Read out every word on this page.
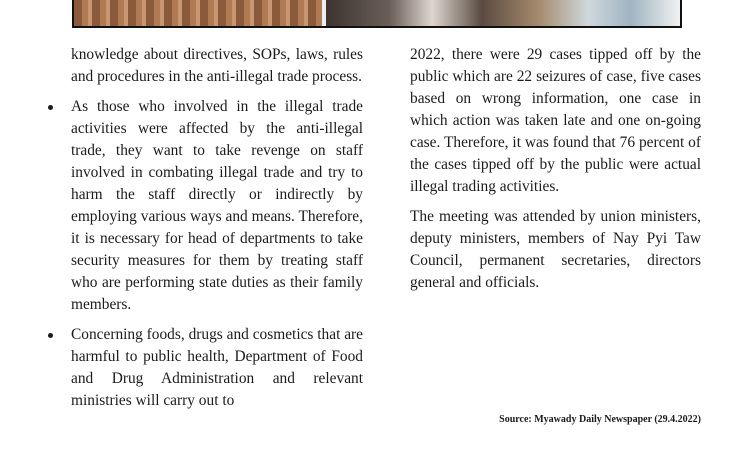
knowledge about directives, SOPs, laws, rules and procedures in the anti-illegal trade process.

As those who involved in the illegal trade activities were affected by the anti-illegal trade, they want to take revenge on staff involved in combating illegal trade and try to harm the staff directly or indirectly by employing various ways and means. Therefore, it is necessary for head of departments to take security measures for them by treating staff who are performing state duties as their family members.
Concerning foods, drugs and cosmetics that are harmful to public health, Department of Food and Drug Administration and relevant ministries will carry out to

2022, there were 29 cases tipped off by the public which are 22 seizures of case, five cases based on wrong information, one case in which action was taken late and one on-going case. Therefore, it was found that 76 percent of the cases tipped off by the public were actual illegal trading activities.

The meeting was attended by union ministers, deputy ministers, members of Nay Pyi Taw Council, permanent secretaries, directors general and officials.

Source: Myawady Daily Newspaper (29.4.2022)
